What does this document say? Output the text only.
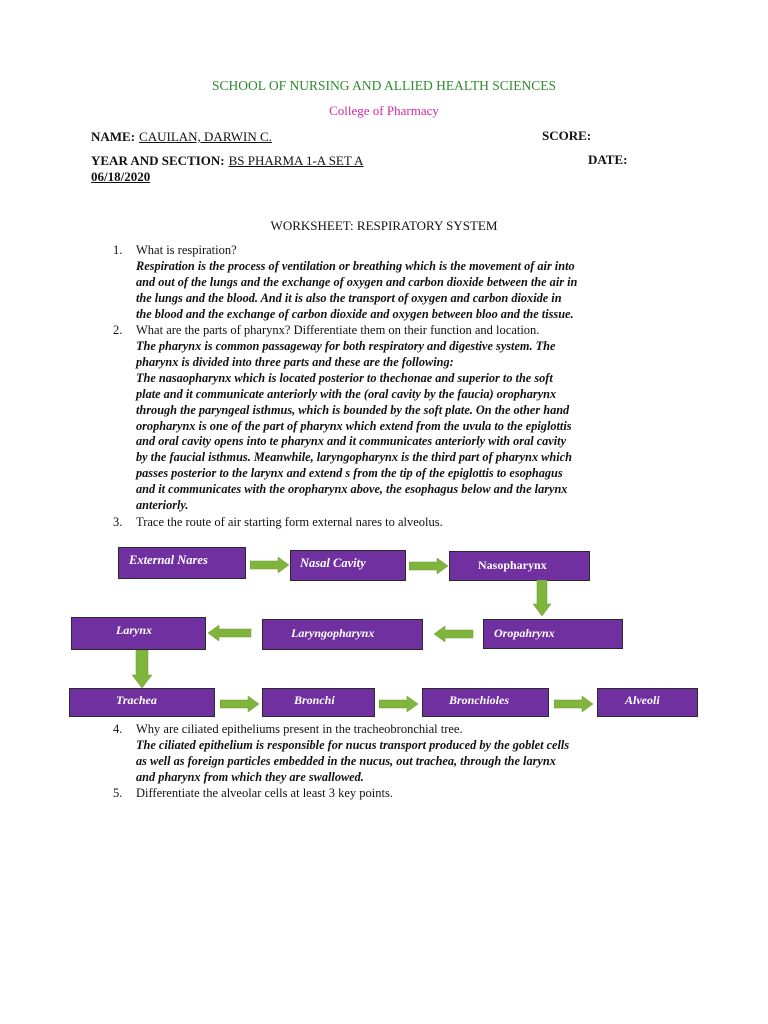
SCHOOL OF NURSING AND ALLIED HEALTH SCIENCES
College of Pharmacy
NAME: CAUILAN, DARWIN C.	SCORE:
YEAR AND SECTION: BS PHARMA 1-A SET A	DATE:
06/18/2020
WORKSHEET: RESPIRATORY SYSTEM
1. What is respiration?
Respiration is the process of ventilation or breathing which is the movement of air into
and out of the lungs and the exchange of oxygen and carbon dioxide between the air in
the lungs and the blood. And it is also the transport of oxygen and carbon dioxide in
the blood and the exchange of carbon dioxide and oxygen between bloo and the tissue.
2. What are the parts of pharynx? Differentiate them on their function and location.
The pharynx is common passageway for both respiratory and digestive system. The
pharynx is divided into three parts and these are the following:
The nasaopharynx which is located posterior to thechonae and superior to the soft
plate and it communicate anteriorly with the (oral cavity by the faucia) oropharynx
through the paryngeal isthmus, which is bounded by the soft plate. On the other hand
oropharynx is one of the part of pharynx which extend from the uvula to the epiglottis
and oral cavity opens into te pharynx and it communicates anteriorly with oral cavity
by the faucial isthmus. Meanwhile, laryngopharynx is the third part of pharynx which
passes posterior to the larynx and extend s from the tip of the epiglottis to esophagus
and it communicates with the oropharynx above, the esophagus below and the larynx
anteriorly.
3. Trace the route of air starting form external nares to alveolus.
External Nares	Nasal Cavity	Nasopharynx
Larynx	Laryngopharynx	Oropahrynx
Trachea	Bronchi	Bronchioles	Alveoli
4. Why are ciliated epitheliums present in the tracheobronchial tree.
The ciliated epithelium is responsible for nucus transport produced by the goblet cells
as well as foreign particles embedded in the nucus, out trachea, through the larynx
and pharynx from which they are swallowed.
5. Differentiate the alveolar cells at least 3 key points.
